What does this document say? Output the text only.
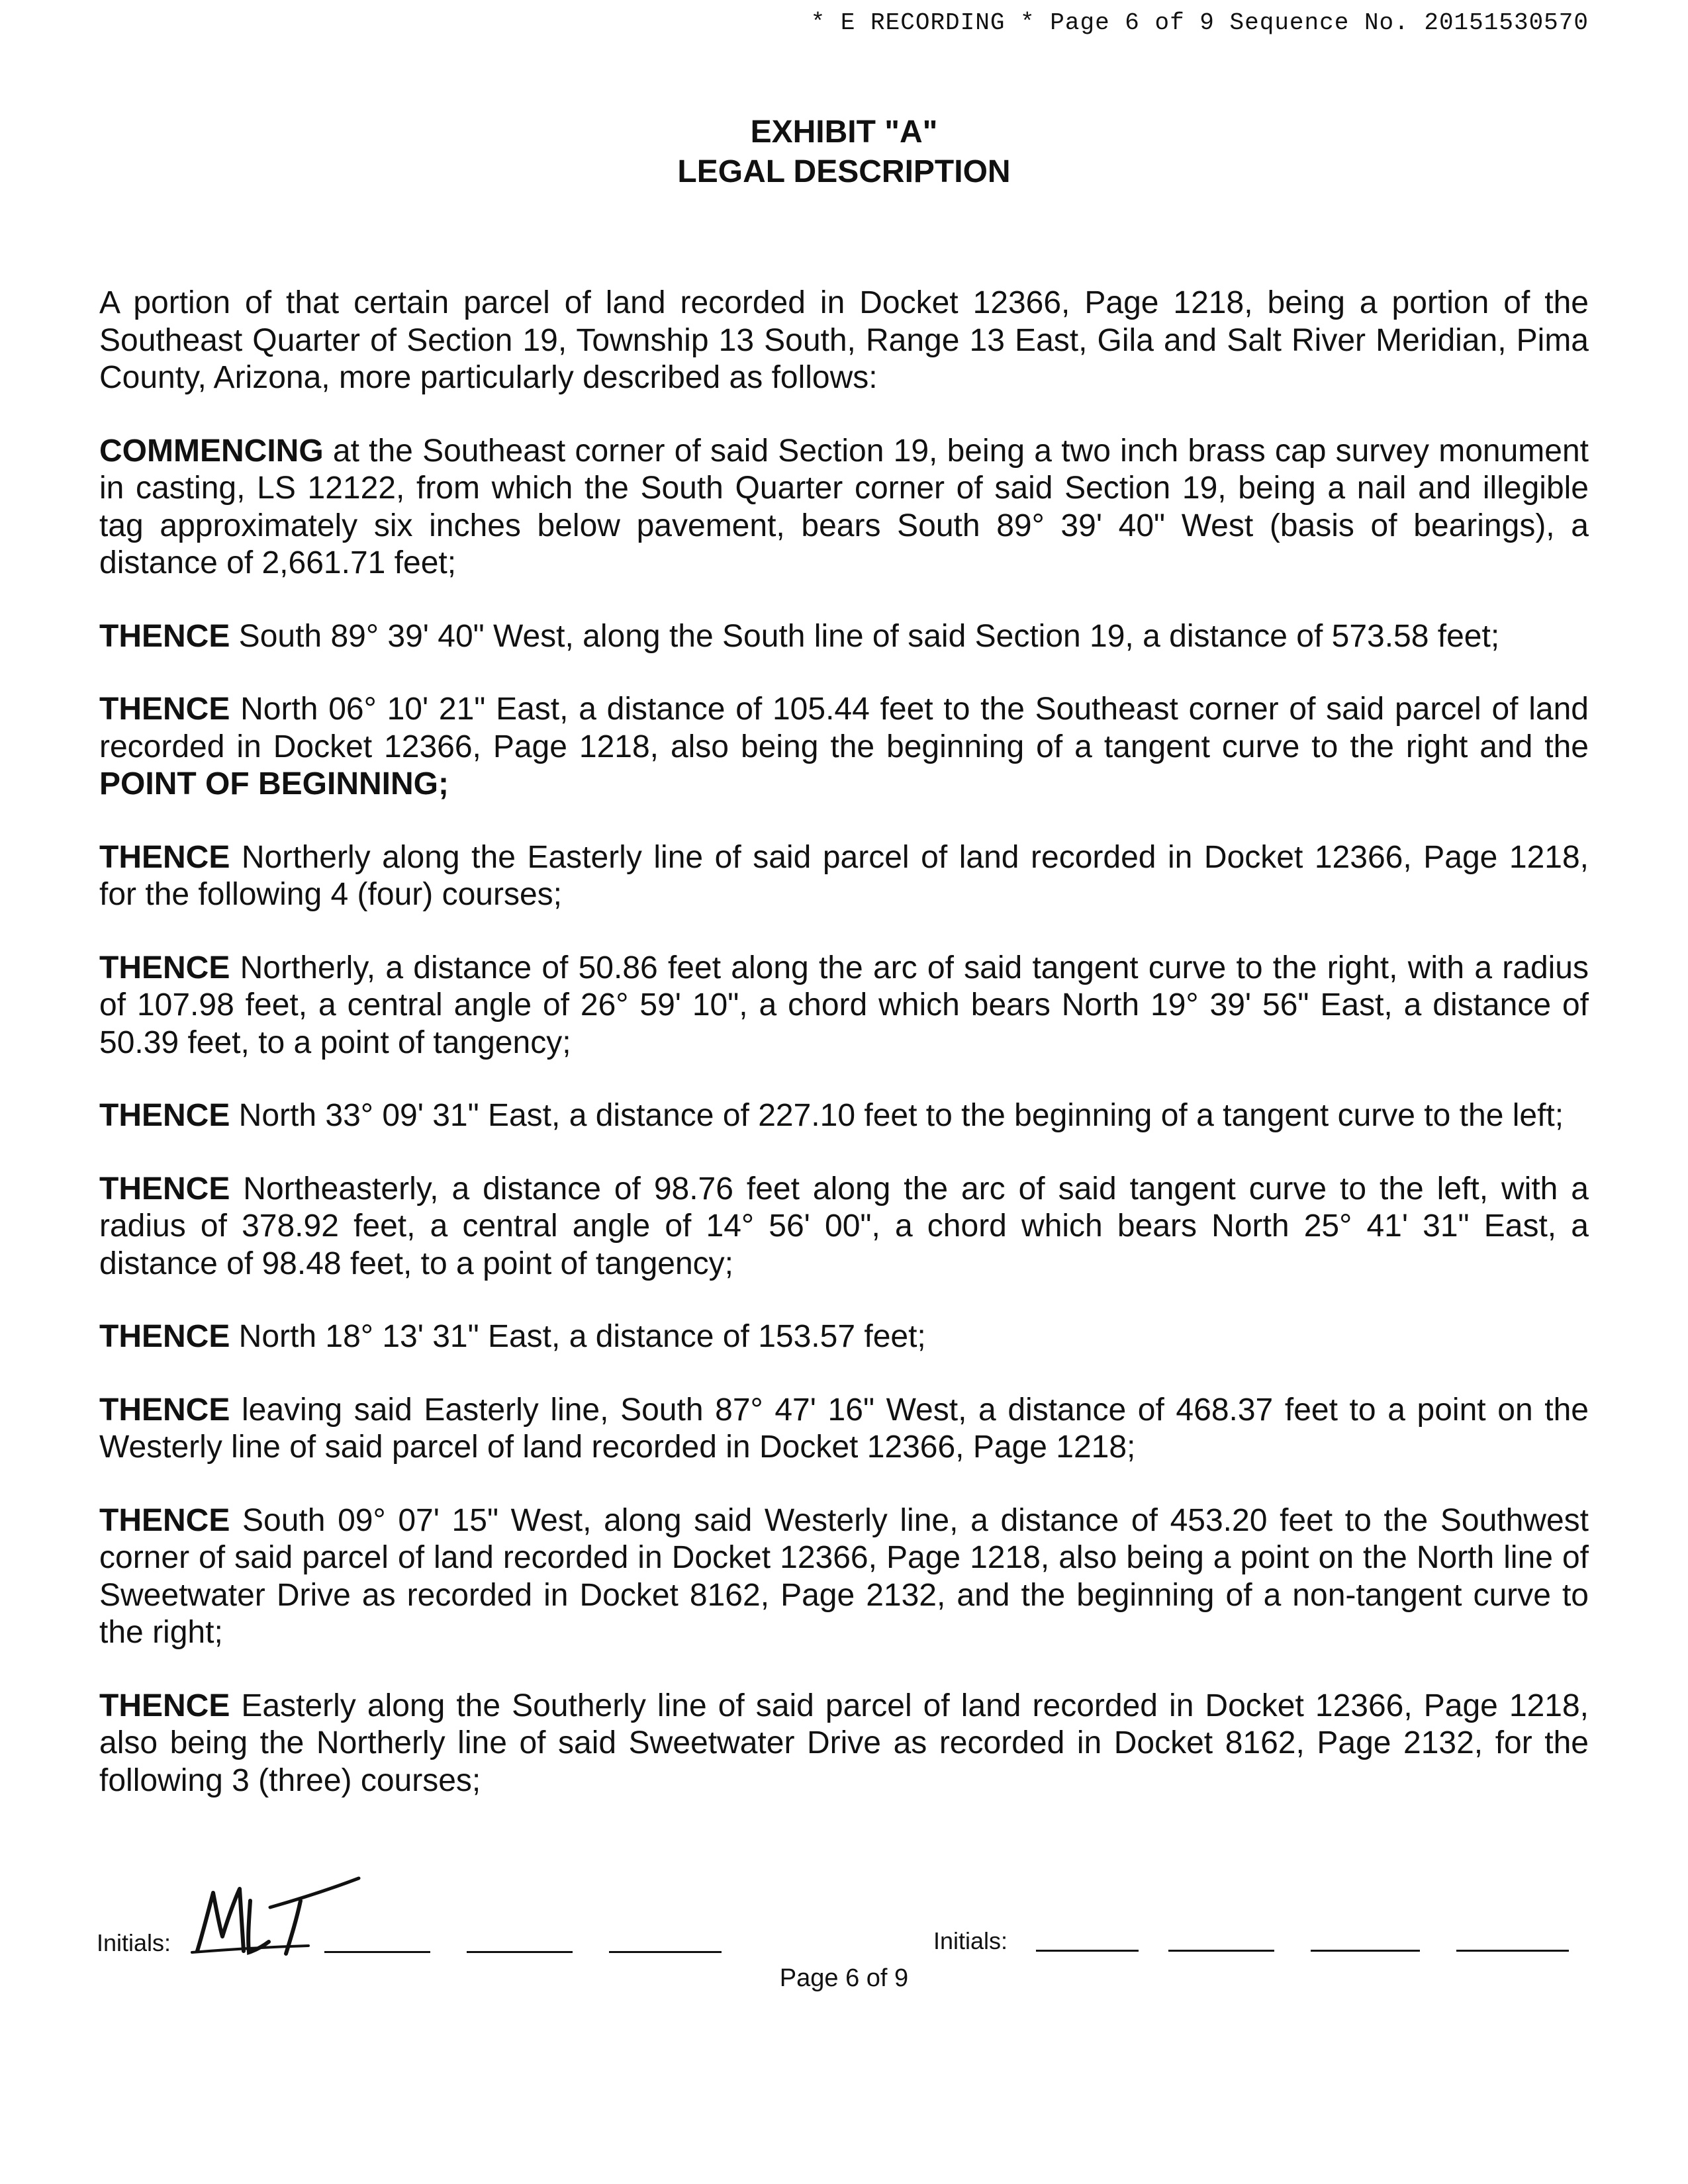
* E RECORDING * Page 6 of 9 Sequence No. 20151530570
EXHIBIT "A"
LEGAL DESCRIPTION

A portion of that certain parcel of land recorded in Docket 12366, Page 1218, being a portion of the Southeast Quarter of Section 19, Township 13 South, Range 13 East, Gila and Salt River Meridian, Pima County, Arizona, more particularly described as follows:

COMMENCING at the Southeast corner of said Section 19, being a two inch brass cap survey monument in casting, LS 12122, from which the South Quarter corner of said Section 19, being a nail and illegible tag approximately six inches below pavement, bears South 89° 39' 40" West (basis of bearings), a distance of 2,661.71 feet;

THENCE South 89° 39' 40" West, along the South line of said Section 19, a distance of 573.58 feet;

THENCE North 06° 10' 21" East, a distance of 105.44 feet to the Southeast corner of said parcel of land recorded in Docket 12366, Page 1218, also being the beginning of a tangent curve to the right and the POINT OF BEGINNING;

THENCE Northerly along the Easterly line of said parcel of land recorded in Docket 12366, Page 1218, for the following 4 (four) courses;

THENCE Northerly, a distance of 50.86 feet along the arc of said tangent curve to the right, with a radius of 107.98 feet, a central angle of 26° 59' 10", a chord which bears North 19° 39' 56" East, a distance of 50.39 feet, to a point of tangency;

THENCE North 33° 09' 31" East, a distance of 227.10 feet to the beginning of a tangent curve to the left;

THENCE Northeasterly, a distance of 98.76 feet along the arc of said tangent curve to the left, with a radius of 378.92 feet, a central angle of 14° 56' 00", a chord which bears North 25° 41' 31" East, a distance of 98.48 feet, to a point of tangency;

THENCE North 18° 13' 31" East, a distance of 153.57 feet;

THENCE leaving said Easterly line, South 87° 47' 16" West, a distance of 468.37 feet to a point on the Westerly line of said parcel of land recorded in Docket 12366, Page 1218;

THENCE South 09° 07' 15" West, along said Westerly line, a distance of 453.20 feet to the Southwest corner of said parcel of land recorded in Docket 12366, Page 1218, also being a point on the North line of Sweetwater Drive as recorded in Docket 8162, Page 2132, and the beginning of a non-tangent curve to the right;

THENCE Easterly along the Southerly line of said parcel of land recorded in Docket 12366, Page 1218, also being the Northerly line of said Sweetwater Drive as recorded in Docket 8162, Page 2132, for the following 3 (three) courses;

Initials:	Initials:
Page 6 of 9
